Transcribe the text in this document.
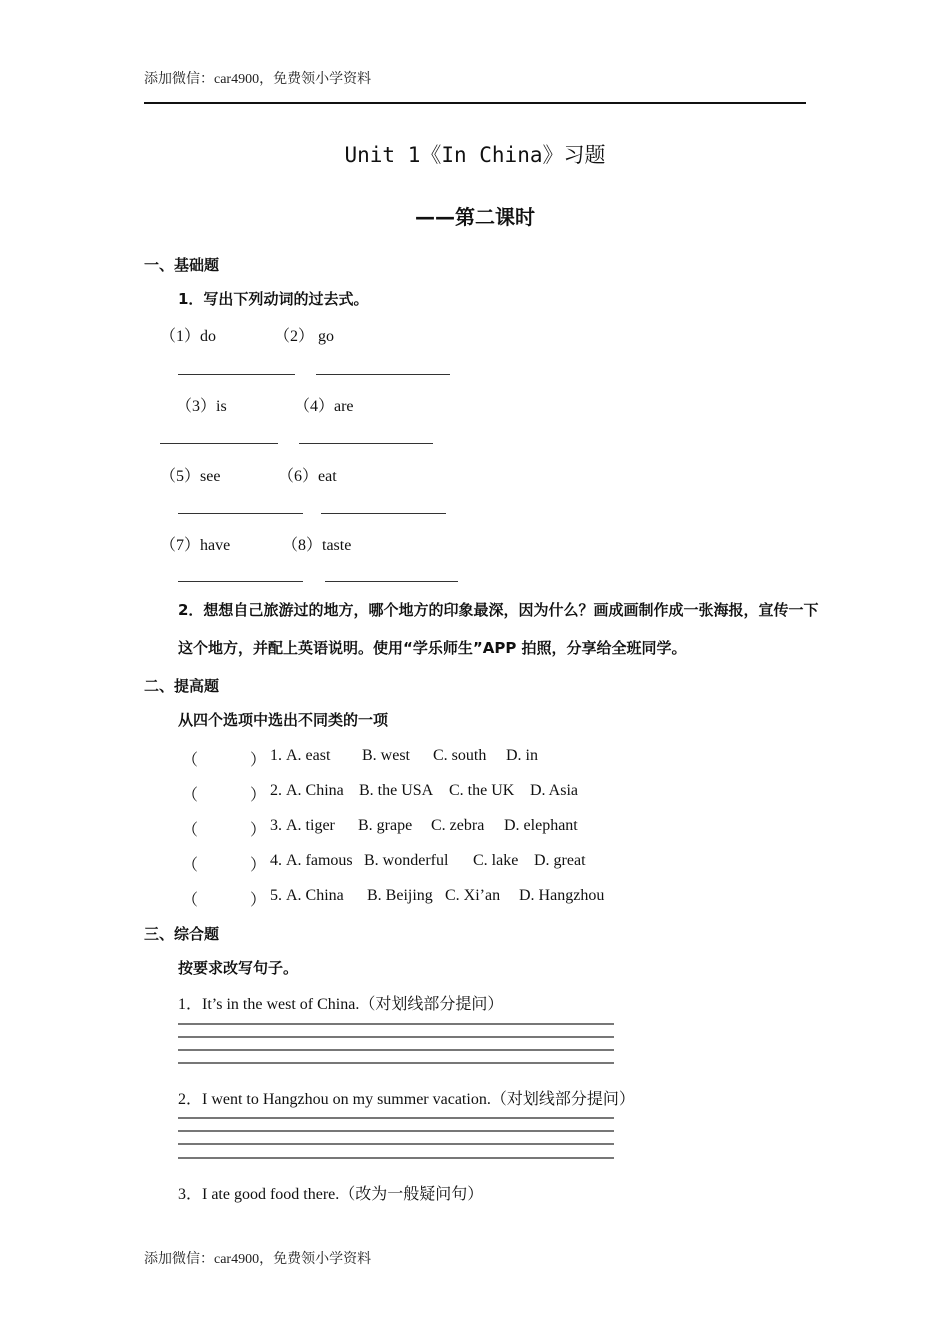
添加微信：car4900，免费领小学资料
Unit 1《In China》习题
——第二课时
一、基础题
1．写出下列动词的过去式。
（1）do	（2） go
（3）is	（4）are
（5）see	（6）eat
（7）have	（8）taste
2．想想自己旅游过的地方，哪个地方的印象最深，因为什么？画成画制作成一张海报，宣传一下这个地方，并配上英语说明。使用“学乐师生”APP 拍照，分享给全班同学。
二、提高题
从四个选项中选出不同类的一项
（	） 1. A. east B. west C. south D. in
（	） 2. A. China B. the USA C. the UK D. Asia
（	） 3. A. tiger B. grape C. zebra D. elephant
（	） 4. A. famous B. wonderful C. lake D. great
（	） 5. A. China B. Beijing C. Xi’an D. Hangzhou
三、综合题
按要求改写句子。
1．It’s in the west of China.（对划线部分提问）
2．I went to Hangzhou on my summer vacation.（对划线部分提问）
3．I ate good food there.（改为一般疑问句）
添加微信：car4900，免费领小学资料
